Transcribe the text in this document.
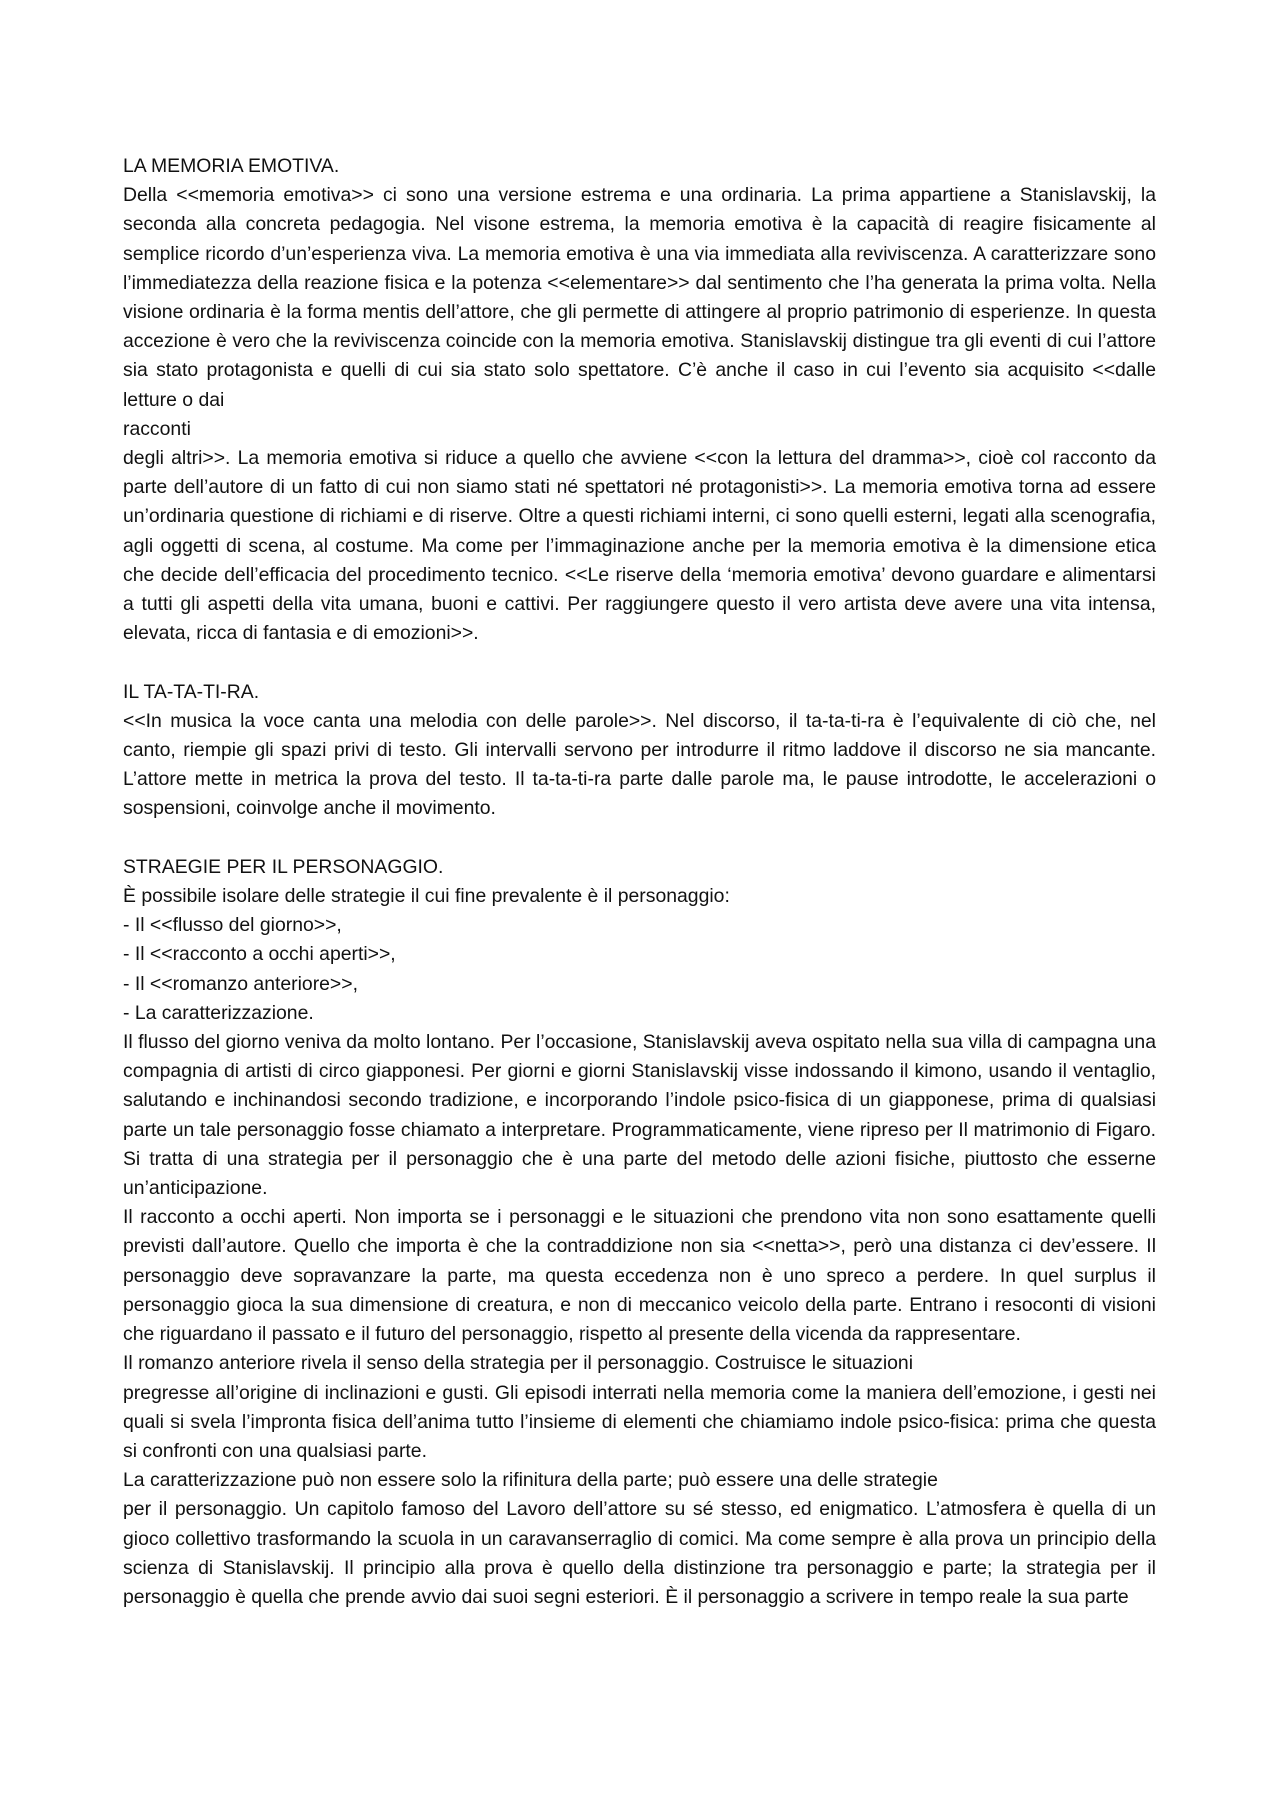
LA MEMORIA EMOTIVA.

Della <<memoria emotiva>> ci sono una versione estrema e una ordinaria. La prima appartiene a Stanislavskij, la seconda alla concreta pedagogia. Nel visone estrema, la memoria emotiva è la capacità di reagire fisicamente al semplice ricordo d’un’esperienza viva. La memoria emotiva è una via immediata alla reviviscenza. A caratterizzare sono l’immediatezza della reazione fisica e la potenza <<elementare>> dal sentimento che l’ha generata la prima volta. Nella visione ordinaria è la forma mentis dell’attore, che gli permette di attingere al proprio patrimonio di esperienze. In questa accezione è vero che la reviviscenza coincide con la memoria emotiva. Stanislavskij distingue tra gli eventi di cui l’attore sia stato protagonista e quelli di cui sia stato solo spettatore. C’è anche il caso in cui l’evento sia acquisito <<dalle letture o dai

racconti

degli altri>>. La memoria emotiva si riduce a quello che avviene <<con la lettura del dramma>>, cioè col racconto da parte dell’autore di un fatto di cui non siamo stati né spettatori né protagonisti>>. La memoria emotiva torna ad essere un’ordinaria questione di richiami e di riserve. Oltre a questi richiami interni, ci sono quelli esterni, legati alla scenografia, agli oggetti di scena, al costume. Ma come per l’immaginazione anche per la memoria emotiva è la dimensione etica che decide dell’efficacia del procedimento tecnico. <<Le riserve della ‘memoria emotiva’ devono guardare e alimentarsi a tutti gli aspetti della vita umana, buoni e cattivi. Per raggiungere questo il vero artista deve avere una vita intensa, elevata, ricca di fantasia e di emozioni>>.

IL TA-TA-TI-RA.

<<In musica la voce canta una melodia con delle parole>>. Nel discorso, il ta-ta-ti-ra è l’equivalente di ciò che, nel canto, riempie gli spazi privi di testo. Gli intervalli servono per introdurre il ritmo laddove il discorso ne sia mancante. L’attore mette in metrica la prova del testo. Il ta-ta-ti-ra parte dalle parole ma, le pause introdotte, le accelerazioni o sospensioni, coinvolge anche il movimento.

STRAEGIE PER IL PERSONAGGIO.

È possibile isolare delle strategie il cui fine prevalente è il personaggio:

- Il <<flusso del giorno>>,

- Il <<racconto a occhi aperti>>,

- Il <<romanzo anteriore>>,

- La caratterizzazione.

Il flusso del giorno veniva da molto lontano. Per l’occasione, Stanislavskij aveva ospitato nella sua villa di campagna una compagnia di artisti di circo giapponesi. Per giorni e giorni Stanislavskij visse indossando il kimono, usando il ventaglio, salutando e inchinandosi secondo tradizione, e incorporando l’indole psico-fisica di un giapponese, prima di qualsiasi parte un tale personaggio fosse chiamato a interpretare. Programmaticamente, viene ripreso per Il matrimonio di Figaro. Si tratta di una strategia per il personaggio che è una parte del metodo delle azioni fisiche, piuttosto che esserne un’anticipazione.

Il racconto a occhi aperti. Non importa se i personaggi e le situazioni che prendono vita non sono esattamente quelli previsti dall’autore. Quello che importa è che la contraddizione non sia <<netta>>, però una distanza ci dev’essere. Il personaggio deve sopravanzare la parte, ma questa eccedenza non è uno spreco a perdere. In quel surplus il personaggio gioca la sua dimensione di creatura, e non di meccanico veicolo della parte. Entrano i resoconti di visioni che riguardano il passato e il futuro del personaggio, rispetto al presente della vicenda da rappresentare.

Il romanzo anteriore rivela il senso della strategia per il personaggio. Costruisce le situazioni

pregresse all’origine di inclinazioni e gusti. Gli episodi interrati nella memoria come la maniera dell’emozione, i gesti nei quali si svela l’impronta fisica dell’anima tutto l’insieme di elementi che chiamiamo indole psico-fisica: prima che questa si confronti con una qualsiasi parte.

La caratterizzazione può non essere solo la rifinitura della parte; può essere una delle strategie

per il personaggio. Un capitolo famoso del Lavoro dell’attore su sé stesso, ed enigmatico. L’atmosfera è quella di un gioco collettivo trasformando la scuola in un caravanserraglio di comici. Ma come sempre è alla prova un principio della scienza di Stanislavskij. Il principio alla prova è quello della distinzione tra personaggio e parte; la strategia per il personaggio è quella che prende avvio dai suoi segni esteriori. È il personaggio a scrivere in tempo reale la sua parte
